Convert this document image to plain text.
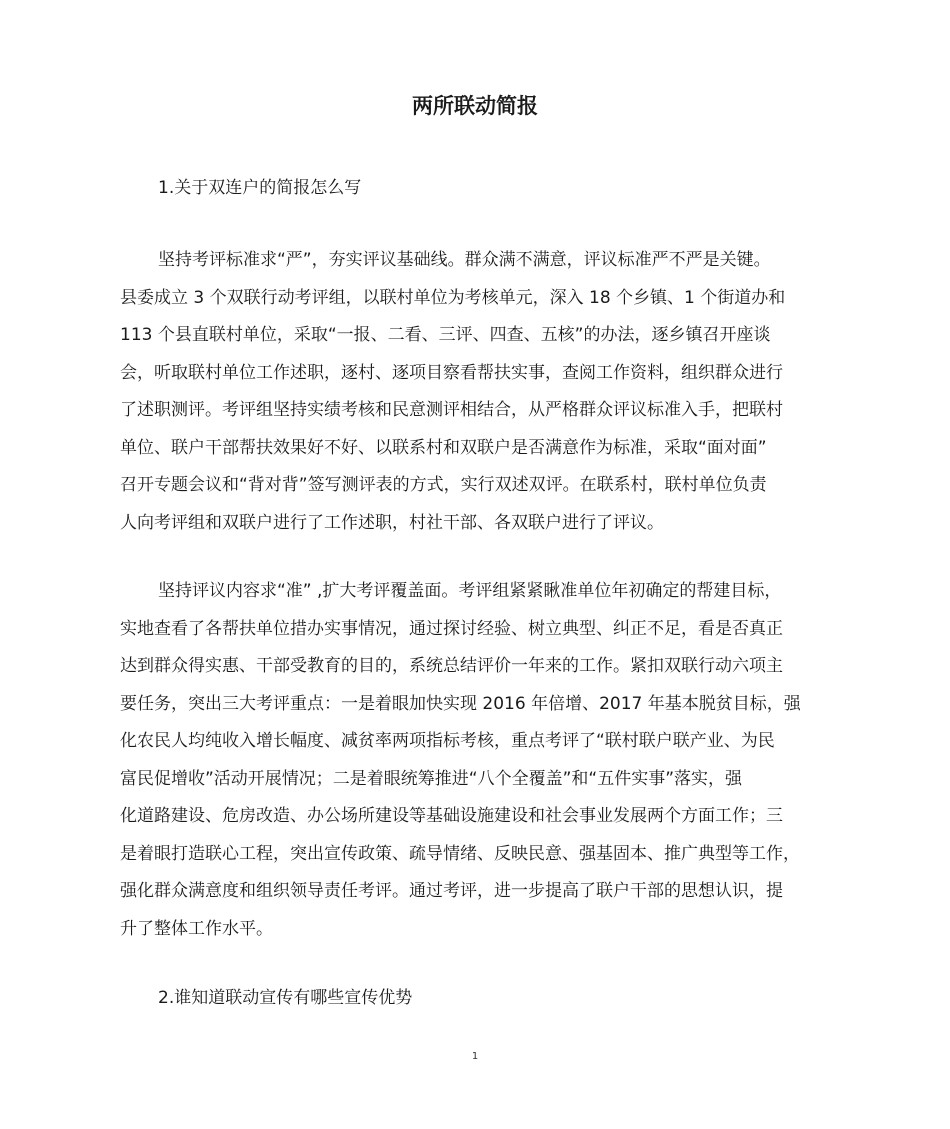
两所联动简报

1.关于双连户的简报怎么写

坚持考评标准求“严”，夯实评议基础线。群众满不满意，评议标准严不严是关键。
县委成立 3 个双联行动考评组，以联村单位为考核单元，深入 18 个乡镇、1 个街道办和
113 个县直联村单位，采取“一报、二看、三评、四查、五核”的办法，逐乡镇召开座谈
会，听取联村单位工作述职，逐村、逐项目察看帮扶实事，查阅工作资料，组织群众进行
了述职测评。考评组坚持实绩考核和民意测评相结合，从严格群众评议标准入手，把联村
单位、联户干部帮扶效果好不好、以联系村和双联户是否满意作为标准，采取“面对面”
召开专题会议和“背对背”签写测评表的方式，实行双述双评。在联系村，联村单位负责
人向考评组和双联户进行了工作述职，村社干部、各双联户进行了评议。
坚持评议内容求“准” ,扩大考评覆盖面。考评组紧紧瞅准单位年初确定的帮建目标，
实地查看了各帮扶单位措办实事情况，通过探讨经验、树立典型、纠正不足，看是否真正
达到群众得实惠、干部受教育的目的，系统总结评价一年来的工作。紧扣双联行动六项主
要任务，突出三大考评重点：一是着眼加快实现 2016 年倍增、2017 年基本脱贫目标，强
化农民人均纯收入增长幅度、减贫率两项指标考核，重点考评了“联村联户联产业、为民
富民促增收”活动开展情况；二是着眼统筹推进“八个全覆盖”和“五件实事”落实，强
化道路建设、危房改造、办公场所建设等基础设施建设和社会事业发展两个方面工作；三
是着眼打造联心工程，突出宣传政策、疏导情绪、反映民意、强基固本、推广典型等工作，
强化群众满意度和组织领导责任考评。通过考评，进一步提高了联户干部的思想认识，提
升了整体工作水平。

2.谁知道联动宣传有哪些宣传优势

1
